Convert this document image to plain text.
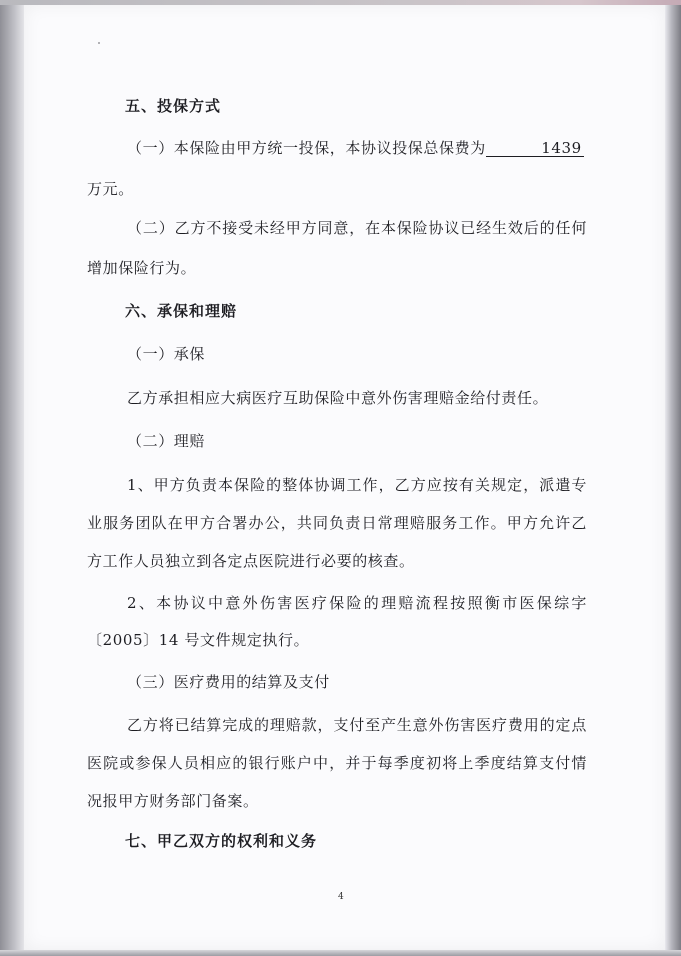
五、投保方式
（一）本保险由甲方统一投保，本协议投保总保费为	1439
万元。
（二）乙方不接受未经甲方同意，在本保险协议已经生效后的任何
增加保险行为。
六、承保和理赔
（一）承保
乙方承担相应大病医疗互助保险中意外伤害理赔金给付责任。
（二）理赔
1、甲方负责本保险的整体协调工作，乙方应按有关规定，派遣专
业服务团队在甲方合署办公，共同负责日常理赔服务工作。甲方允许乙
方工作人员独立到各定点医院进行必要的核查。
2、本协议中意外伤害医疗保险的理赔流程按照衡市医保综字
〔2005〕14 号文件规定执行。
（三）医疗费用的结算及支付
乙方将已结算完成的理赔款，支付至产生意外伤害医疗费用的定点
医院或参保人员相应的银行账户中，并于每季度初将上季度结算支付情
况报甲方财务部门备案。
七、甲乙双方的权利和义务
4
